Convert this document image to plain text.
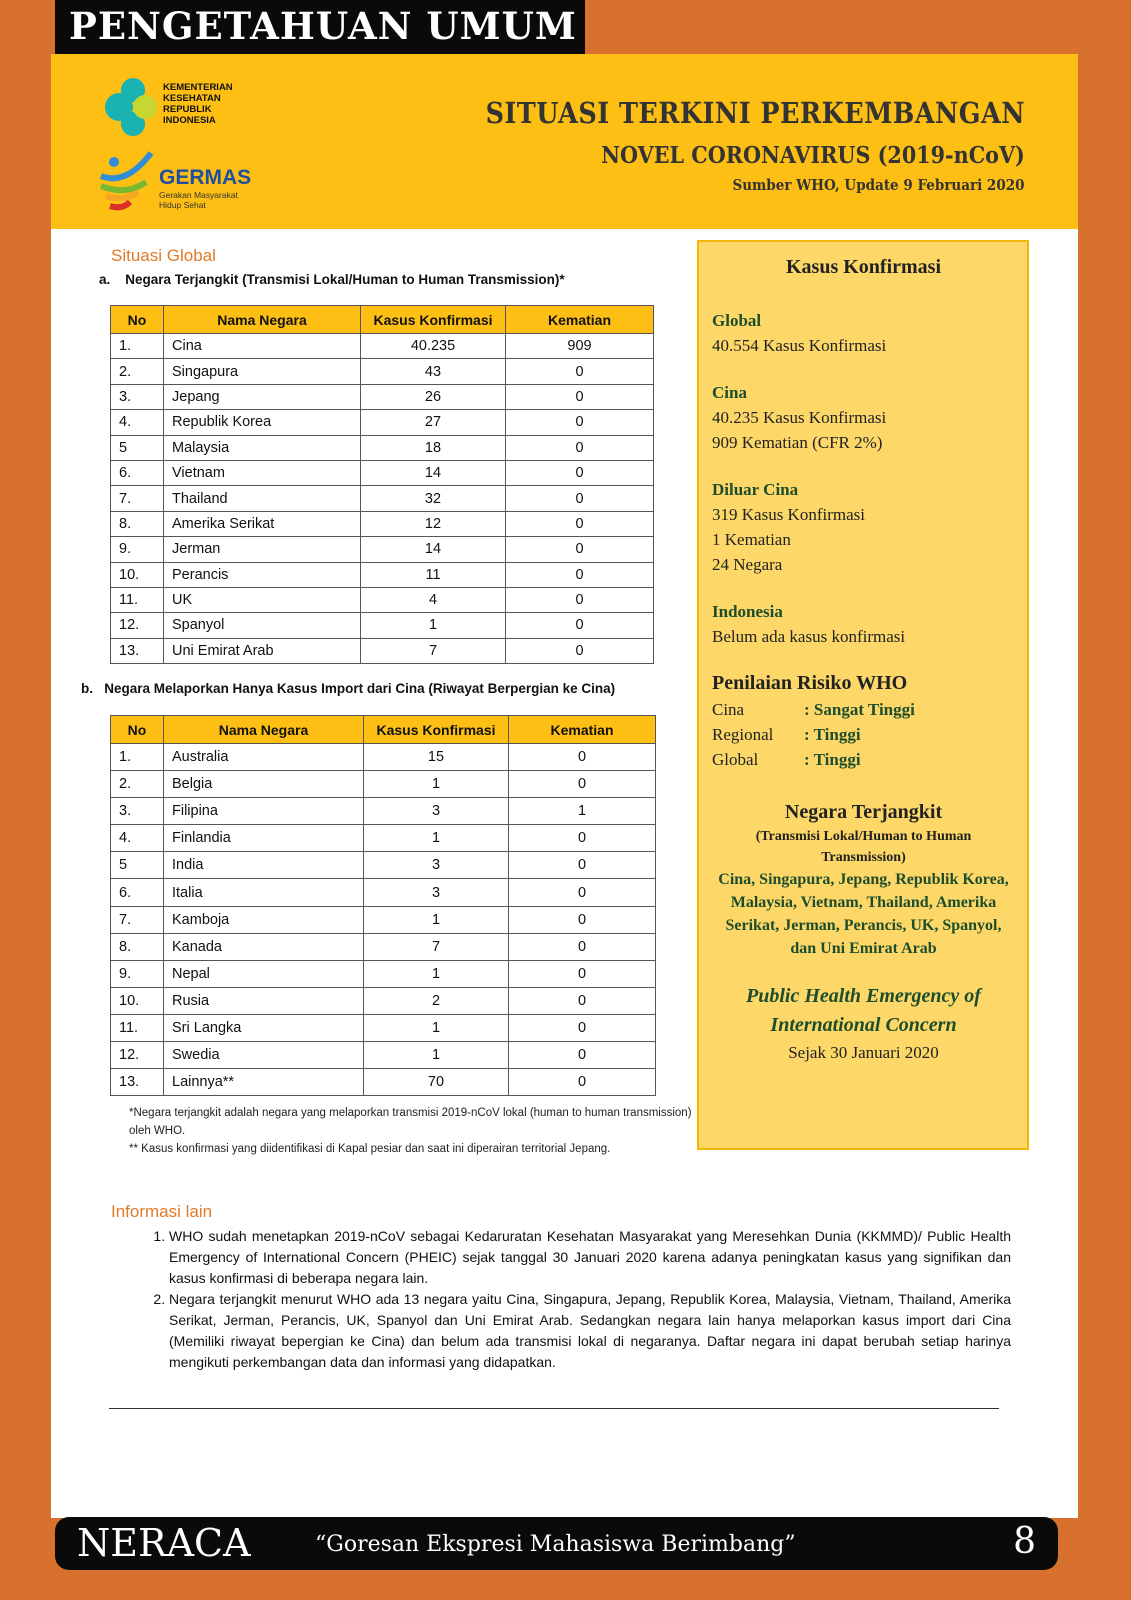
PENGETAHUAN UMUM
KEMENTERIAN
KESEHATAN
REPUBLIK
INDONESIA
GERMAS
Gerakan Masyarakat
Hidup Sehat
SITUASI TERKINI PERKEMBANGAN
NOVEL CORONAVIRUS (2019-nCoV)
Sumber WHO, Update 9 Februari 2020
Situasi Global
a. Negara Terjangkit (Transmisi Lokal/Human to Human Transmission)*
No	Nama Negara	Kasus Konfirmasi	Kematian
1.	Cina	40.235	909
2.	Singapura	43	0
3.	Jepang	26	0
4.	Republik Korea	27	0
5	Malaysia	18	0
6.	Vietnam	14	0
7.	Thailand	32	0
8.	Amerika Serikat	12	0
9.	Jerman	14	0
10.	Perancis	11	0
11.	UK	4	0
12.	Spanyol	1	0
13.	Uni Emirat Arab	7	0
b. Negara Melaporkan Hanya Kasus Import dari Cina (Riwayat Berpergian ke Cina)
No	Nama Negara	Kasus Konfirmasi	Kematian
1.	Australia	15	0
2.	Belgia	1	0
3.	Filipina	3	1
4.	Finlandia	1	0
5	India	3	0
6.	Italia	3	0
7.	Kamboja	1	0
8.	Kanada	7	0
9.	Nepal	1	0
10.	Rusia	2	0
11.	Sri Langka	1	0
12.	Swedia	1	0
13.	Lainnya**	70	0
*Negara terjangkit adalah negara yang melaporkan transmisi 2019-nCoV lokal (human to human transmission) oleh WHO.
** Kasus konfirmasi yang diidentifikasi di Kapal pesiar dan saat ini diperairan territorial Jepang.
Kasus Konfirmasi
Global
40.554 Kasus Konfirmasi
Cina
40.235 Kasus Konfirmasi
909 Kematian (CFR 2%)
Diluar Cina
319 Kasus Konfirmasi
1 Kematian
24 Negara
Indonesia
Belum ada kasus konfirmasi
Penilaian Risiko WHO
Cina	: Sangat Tinggi
Regional : Tinggi
Global	: Tinggi
Negara Terjangkit
(Transmisi Lokal/Human to Human Transmission)
Cina, Singapura, Jepang, Republik Korea, Malaysia, Vietnam, Thailand, Amerika Serikat, Jerman, Perancis, UK, Spanyol, dan Uni Emirat Arab
Public Health Emergency of International Concern
Sejak 30 Januari 2020
Informasi lain
1. WHO sudah menetapkan 2019-nCoV sebagai Kedaruratan Kesehatan Masyarakat yang Meresehkan Dunia (KKMMD)/ Public Health Emergency of International Concern (PHEIC) sejak tanggal 30 Januari 2020 karena adanya peningkatan kasus yang signifikan dan kasus konfirmasi di beberapa negara lain.
2. Negara terjangkit menurut WHO ada 13 negara yaitu Cina, Singapura, Jepang, Republik Korea, Malaysia, Vietnam, Thailand, Amerika Serikat, Jerman, Perancis, UK, Spanyol dan Uni Emirat Arab. Sedangkan negara lain hanya melaporkan kasus import dari Cina (Memiliki riwayat bepergian ke Cina) dan belum ada transmisi lokal di negaranya. Daftar negara ini dapat berubah setiap harinya mengikuti perkembangan data dan informasi yang didapatkan.
NERACA	“Goresan Ekspresi Mahasiswa Berimbang”	8
